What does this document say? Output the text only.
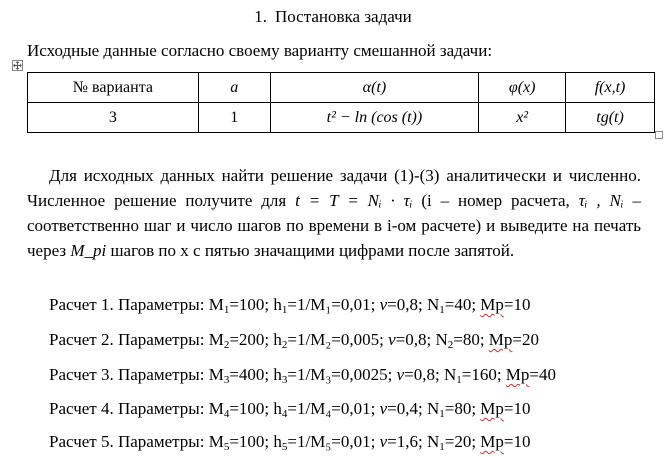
1. Постановка задачи
Исходные данные согласно своему варианту смешанной задачи:
№ варианта	a	α(t)	φ(x)	f(x,t)
3	1	t² − ln (cos (t))	x²	tg(t)
Для исходных данных найти решение задачи (1)-(3) аналитически и численно. Численное решение получите для t = T = Nᵢ · τᵢ (i – номер расчета, τᵢ , Nᵢ – соответственно шаг и число шагов по времени в i-ом расчете) и выведите на печать через M_pi шагов по x с пятью значащими цифрами после запятой.
Расчет 1. Параметры: $M_1=100$; $h_1=1/M_1=0,01$; ν=0,8; $N_1=40$; Mp=10
Расчет 2. Параметры: $M_2=200$; $h_2=1/M_2=0,005$; ν=0,8; $N_2=80$; Mp=20
Расчет 3. Параметры: $M_3=400$; $h_3=1/M_3=0,0025$; ν=0,8; $N_1=160$; Mp=40
Расчет 4. Параметры: $M_4=100$; $h_4=1/M_4=0,01$; ν=0,4; $N_1=80$; Mp=10
Расчет 5. Параметры: $M_5=100$; $h_5=1/M_5=0,01$; ν=1,6; $N_1=20$; Mp=10
